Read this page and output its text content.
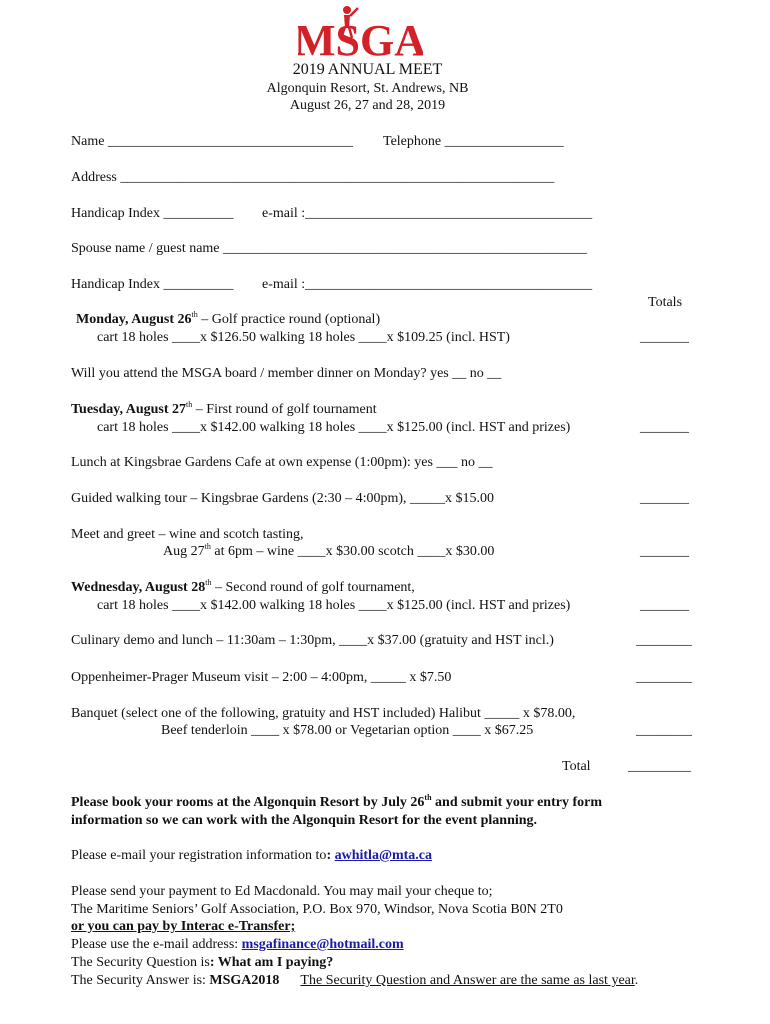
MSGA
2019 ANNUAL MEET
Algonquin Resort, St. Andrews, NB
August 26, 27 and 28, 2019
Name ___________________________________ Telephone _________________
Address ______________________________________________________________
Handicap Index __________ e-mail :_________________________________________
Spouse name / guest name ____________________________________________________
Handicap Index __________ e-mail :_________________________________________
Totals
Monday, August 26th – Golf practice round (optional)
cart 18 holes ____x $126.50 walking 18 holes ____x $109.25 (incl. HST)	_______
Will you attend the MSGA board / member dinner on Monday? yes __ no __
Tuesday, August 27th – First round of golf tournament
cart 18 holes ____x $142.00 walking 18 holes ____x $125.00 (incl. HST and prizes)	_______
Lunch at Kingsbrae Gardens Cafe at own expense (1:00pm): yes ___ no __
Guided walking tour – Kingsbrae Gardens (2:30 – 4:00pm), _____x $15.00	_______
Meet and greet – wine and scotch tasting,
Aug 27th at 6pm – wine ____x $30.00 scotch ____x $30.00	_______
Wednesday, August 28th – Second round of golf tournament,
cart 18 holes ____x $142.00 walking 18 holes ____x $125.00 (incl. HST and prizes)	_______
Culinary demo and lunch – 11:30am – 1:30pm, ____x $37.00 (gratuity and HST incl.)	________
Oppenheimer-Prager Museum visit – 2:00 – 4:00pm, _____ x $7.50	________
Banquet (select one of the following, gratuity and HST included) Halibut _____ x $78.00,
Beef tenderloin ____ x $78.00 or Vegetarian option ____ x $67.25	________
Total	_________
Please book your rooms at the Algonquin Resort by July 26th and submit your entry form
information so we can work with the Algonquin Resort for the event planning.
Please e-mail your registration information to: awhitla@mta.ca
Please send your payment to Ed Macdonald. You may mail your cheque to;
The Maritime Seniors’ Golf Association, P.O. Box 970, Windsor, Nova Scotia B0N 2T0
or you can pay by Interac e-Transfer;
Please use the e-mail address: msgafinance@hotmail.com
The Security Question is: What am I paying?
The Security Answer is: MSGA2018 The Security Question and Answer are the same as last year.
